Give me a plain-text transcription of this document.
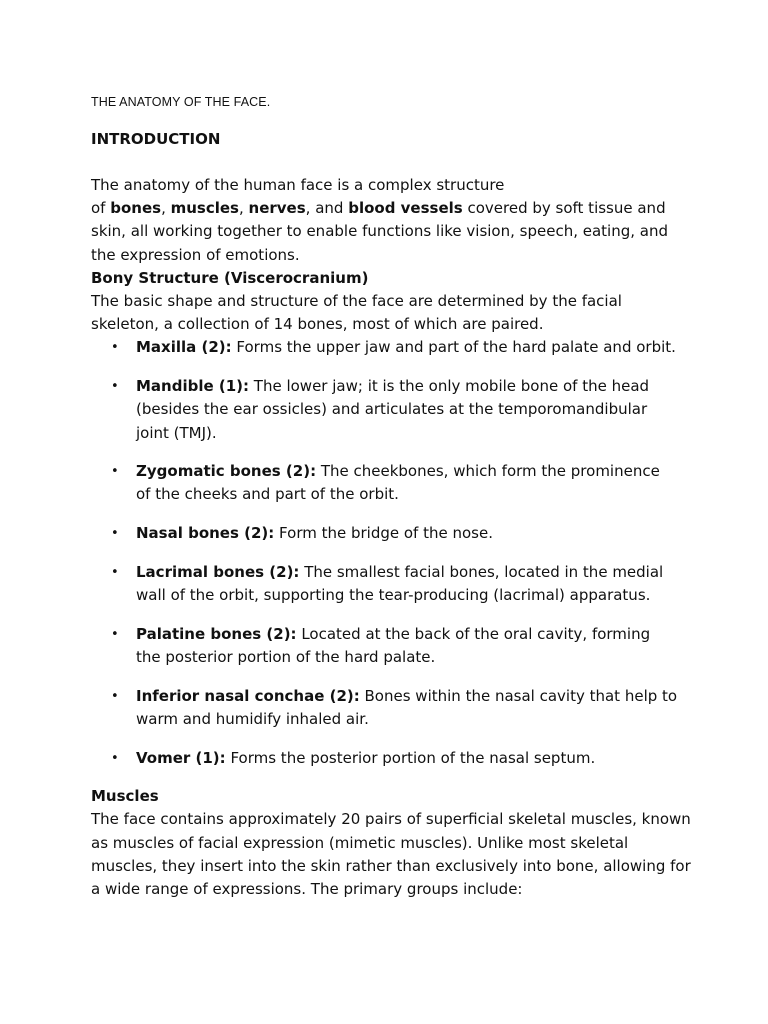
THE ANATOMY OF THE FACE.
INTRODUCTION

The anatomy of the human face is a complex structure
of bones, muscles, nerves, and blood vessels covered by soft tissue and skin, all working together to enable functions like vision, speech, eating, and the expression of emotions.

Bony Structure (Viscerocranium)

The basic shape and structure of the face are determined by the facial skeleton, a collection of 14 bones, most of which are paired.

• Maxilla (2): Forms the upper jaw and part of the hard palate and orbit.
• Mandible (1): The lower jaw; it is the only mobile bone of the head (besides the ear ossicles) and articulates at the temporomandibular joint (TMJ).
• Zygomatic bones (2): The cheekbones, which form the prominence of the cheeks and part of the orbit.
• Nasal bones (2): Form the bridge of the nose.
• Lacrimal bones (2): The smallest facial bones, located in the medial wall of the orbit, supporting the tear-producing (lacrimal) apparatus.
• Palatine bones (2): Located at the back of the oral cavity, forming the posterior portion of the hard palate.
• Inferior nasal conchae (2): Bones within the nasal cavity that help to warm and humidify inhaled air.
• Vomer (1): Forms the posterior portion of the nasal septum.

Muscles

The face contains approximately 20 pairs of superficial skeletal muscles, known as muscles of facial expression (mimetic muscles). Unlike most skeletal muscles, they insert into the skin rather than exclusively into bone, allowing for a wide range of expressions. The primary groups include:
